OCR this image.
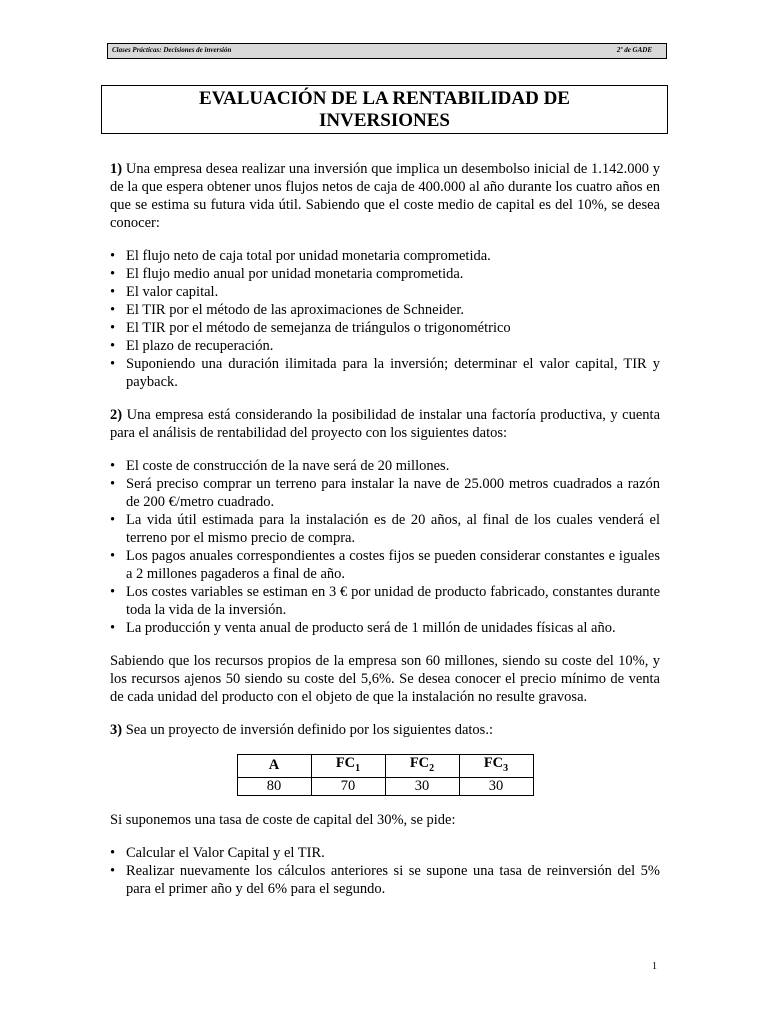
Clases Prácticas: Decisiones de inversión	2º de GADE
EVALUACIÓN DE LA RENTABILIDAD DE
INVERSIONES

1) Una empresa desea realizar una inversión que implica un desembolso inicial de 1.142.000 y de la que espera obtener unos flujos netos de caja de 400.000 al año durante los cuatro años en que se estima su futura vida útil. Sabiendo que el coste medio de capital es del 10%, se desea conocer:

• El flujo neto de caja total por unidad monetaria comprometida.
• El flujo medio anual por unidad monetaria comprometida.
• El valor capital.
• El TIR por el método de las aproximaciones de Schneider.
• El TIR por el método de semejanza de triángulos o trigonométrico
• El plazo de recuperación.
• Suponiendo una duración ilimitada para la inversión; determinar el valor capital, TIR y payback.

2) Una empresa está considerando la posibilidad de instalar una factoría productiva, y cuenta para el análisis de rentabilidad del proyecto con los siguientes datos:

• El coste de construcción de la nave será de 20 millones.
• Será preciso comprar un terreno para instalar la nave de 25.000 metros cuadrados a razón de 200 €/metro cuadrado.
• La vida útil estimada para la instalación es de 20 años, al final de los cuales venderá el terreno por el mismo precio de compra.
• Los pagos anuales correspondientes a costes fijos se pueden considerar constantes e iguales a 2 millones pagaderos a final de año.
• Los costes variables se estiman en 3 € por unidad de producto fabricado, constantes durante toda la vida de la inversión.
• La producción y venta anual de producto será de 1 millón de unidades físicas al año.

Sabiendo que los recursos propios de la empresa son 60 millones, siendo su coste del 10%, y los recursos ajenos 50 siendo su coste del 5,6%. Se desea conocer el precio mínimo de venta de cada unidad del producto con el objeto de que la instalación no resulte gravosa.

3) Sea un proyecto de inversión definido por los siguientes datos.:

A	$FC_1$	$FC_2$	$FC_3$
80	70	30	30

Si suponemos una tasa de coste de capital del 30%, se pide:

• Calcular el Valor Capital y el TIR.
• Realizar nuevamente los cálculos anteriores si se supone una tasa de reinversión del 5% para el primer año y del 6% para el segundo.
1
